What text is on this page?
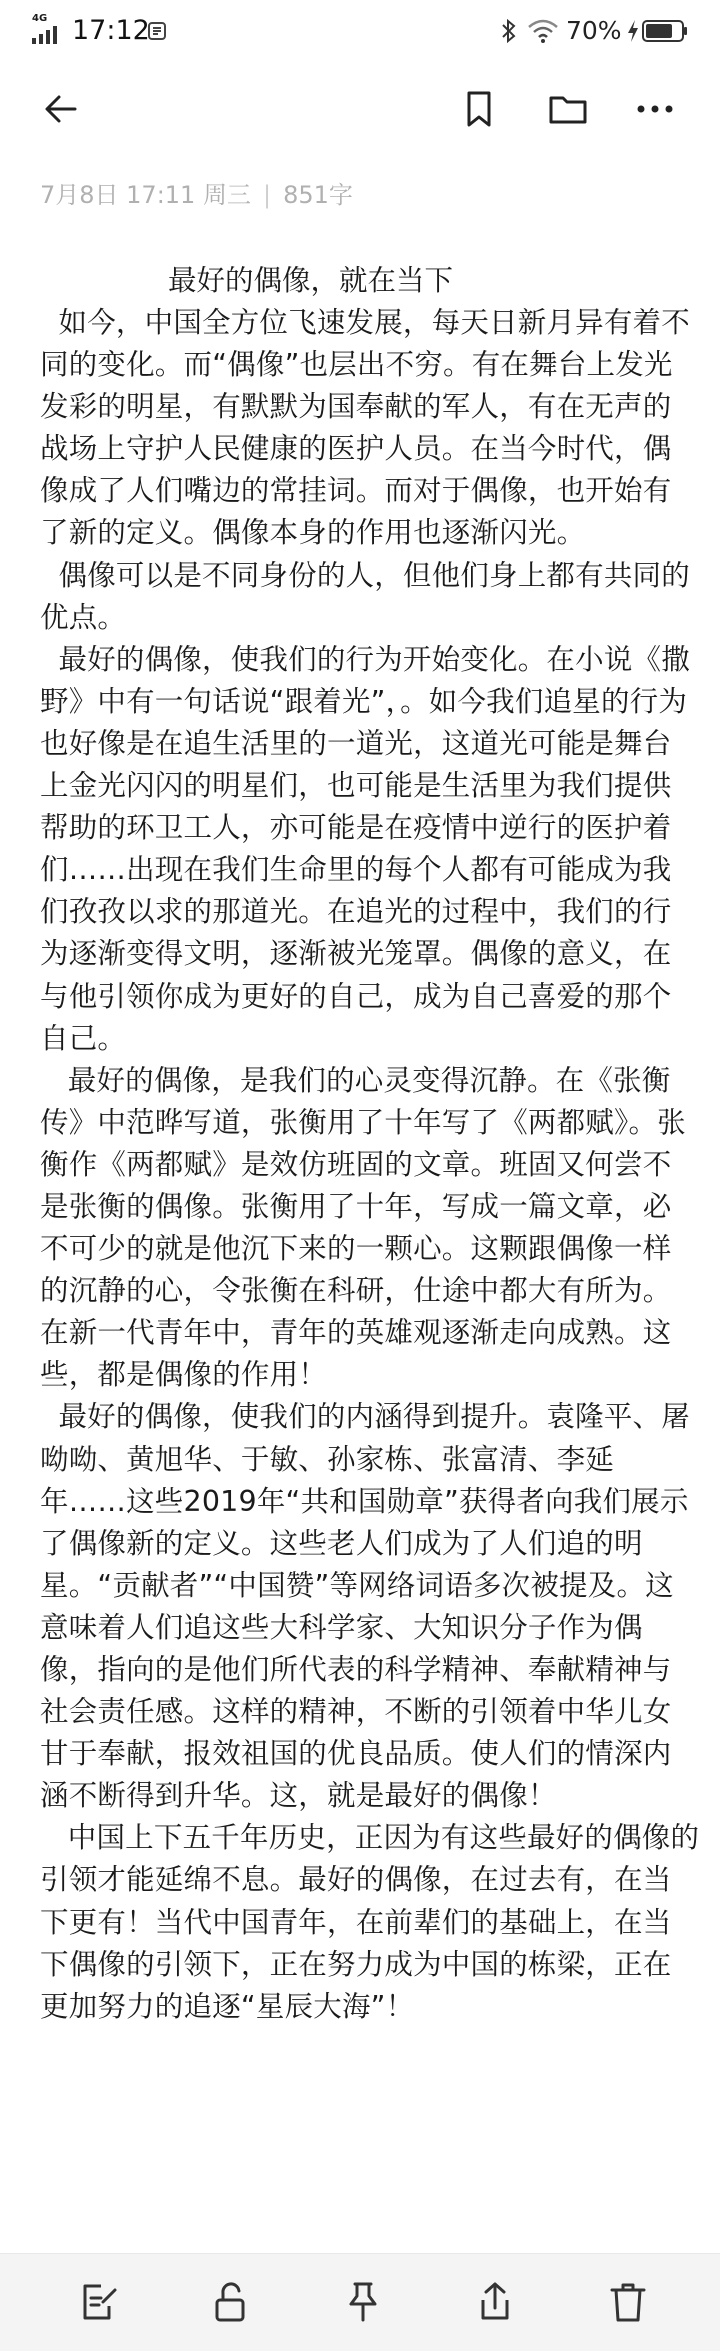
4G 17:12	70%
7月8日 17:11 周三 | 851字

最好的偶像，就在当下

如今，中国全方位飞速发展，每天日新月异有着不同的变化。而“偶像”也层出不穷。有在舞台上发光发彩的明星，有默默为国奉献的军人，有在无声的战场上守护人民健康的医护人员。在当今时代，偶像成了人们嘴边的常挂词。而对于偶像，也开始有了新的定义。偶像本身的作用也逐渐闪光。

偶像可以是不同身份的人，但他们身上都有共同的优点。

最好的偶像，使我们的行为开始变化。在小说《撒野》中有一句话说“跟着光”，。如今我们追星的行为也好像是在追生活里的一道光，这道光可能是舞台上金光闪闪的明星们，也可能是生活里为我们提供帮助的环卫工人，亦可能是在疫情中逆行的医护着们……出现在我们生命里的每个人都有可能成为我们孜孜以求的那道光。在追光的过程中，我们的行为逐渐变得文明，逐渐被光笼罩。偶像的意义，在与他引领你成为更好的自己，成为自己喜爱的那个自己。

最好的偶像，是我们的心灵变得沉静。在《张衡传》中范晔写道，张衡用了十年写了《两都赋》。张衡作《两都赋》是效仿班固的文章。班固又何尝不是张衡的偶像。张衡用了十年，写成一篇文章，必不可少的就是他沉下来的一颗心。这颗跟偶像一样的沉静的心，令张衡在科研，仕途中都大有所为。在新一代青年中，青年的英雄观逐渐走向成熟。这些，都是偶像的作用！

最好的偶像，使我们的内涵得到提升。袁隆平、屠呦呦、黄旭华、于敏、孙家栋、张富清、李延年……这些2019年“共和国勋章”获得者向我们展示了偶像新的定义。这些老人们成为了人们追的明星。“贡献者”“中国赞”等网络词语多次被提及。这意味着人们追这些大科学家、大知识分子作为偶像，指向的是他们所代表的科学精神、奉献精神与社会责任感。这样的精神，不断的引领着中华儿女甘于奉献，报效祖国的优良品质。使人们的情深内涵不断得到升华。这，就是最好的偶像！

中国上下五千年历史，正因为有这些最好的偶像的引领才能延绵不息。最好的偶像，在过去有，在当下更有！当代中国青年，在前辈们的基础上，在当下偶像的引领下，正在努力成为中国的栋梁，正在更加努力的追逐“星辰大海”！
